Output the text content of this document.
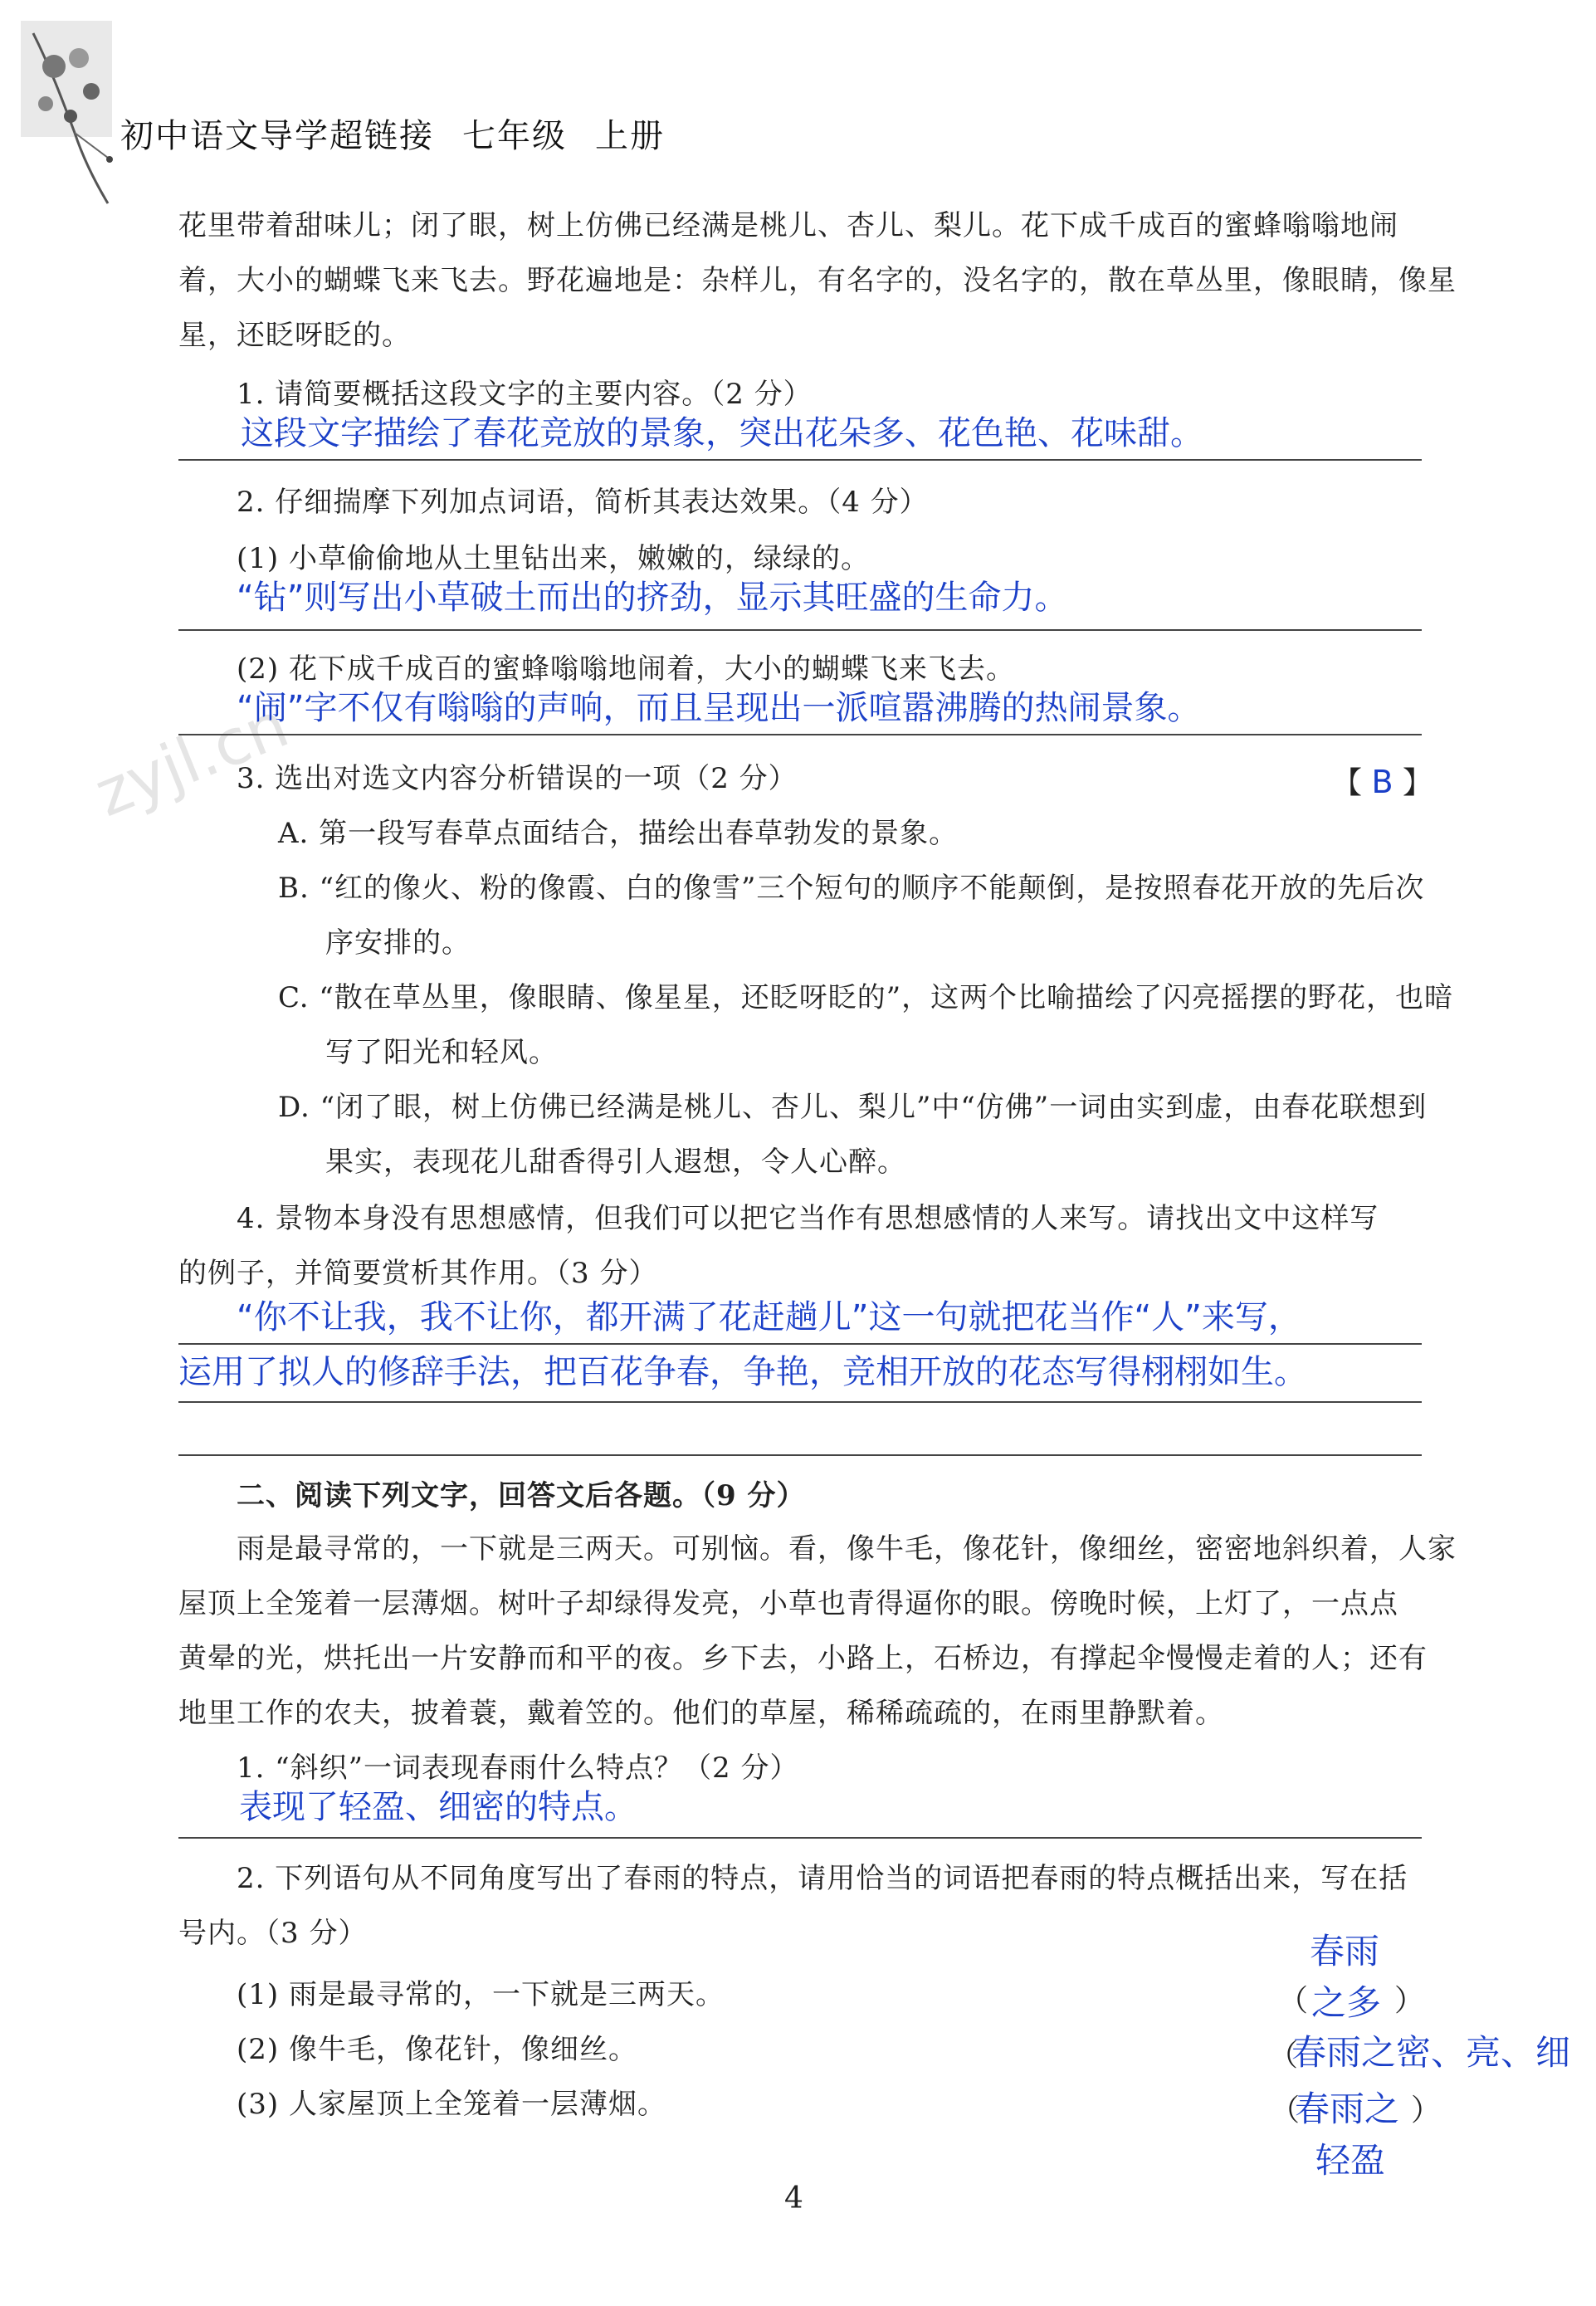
初中语文导学超链接 七年级 上册
zyjl.cn
花里带着甜味儿；闭了眼，树上仿佛已经满是桃儿、杏儿、梨儿。花下成千成百的蜜蜂嗡嗡地闹
着，大小的蝴蝶飞来飞去。野花遍地是：杂样儿，有名字的，没名字的，散在草丛里，像眼睛，像星
星，还眨呀眨的。
1. 请简要概括这段文字的主要内容。（2 分）
这段文字描绘了春花竞放的景象，突出花朵多、花色艳、花味甜。
2. 仔细揣摩下列加点词语，简析其表达效果。（4 分）
(1) 小草偷偷地从土里钻出来，嫩嫩的，绿绿的。
“钻”则写出小草破土而出的挤劲，显示其旺盛的生命力。
(2) 花下成千成百的蜜蜂嗡嗡地闹着，大小的蝴蝶飞来飞去。
“闹”字不仅有嗡嗡的声响，而且呈现出一派喧嚣沸腾的热闹景象。
3. 选出对选文内容分析错误的一项（2 分）	【 B 】
A. 第一段写春草点面结合，描绘出春草勃发的景象。
B. “红的像火、粉的像霞、白的像雪”三个短句的顺序不能颠倒，是按照春花开放的先后次
序安排的。
C. “散在草丛里，像眼睛、像星星，还眨呀眨的”，这两个比喻描绘了闪亮摇摆的野花，也暗
写了阳光和轻风。
D. “闭了眼，树上仿佛已经满是桃儿、杏儿、梨儿”中“仿佛”一词由实到虚，由春花联想到
果实，表现花儿甜香得引人遐想，令人心醉。
4. 景物本身没有思想感情，但我们可以把它当作有思想感情的人来写。请找出文中这样写
的例子，并简要赏析其作用。（3 分）
“你不让我，我不让你，都开满了花赶趟儿”这一句就把花当作“人”来写，
运用了拟人的修辞手法，把百花争春，争艳，竞相开放的花态写得栩栩如生。
二、阅读下列文字，回答文后各题。（9 分）
雨是最寻常的，一下就是三两天。可别恼。看，像牛毛，像花针，像细丝，密密地斜织着，人家
屋顶上全笼着一层薄烟。树叶子却绿得发亮，小草也青得逼你的眼。傍晚时候，上灯了，一点点
黄晕的光，烘托出一片安静而和平的夜。乡下去，小路上，石桥边，有撑起伞慢慢走着的人；还有
地里工作的农夫，披着蓑，戴着笠的。他们的草屋，稀稀疏疏的，在雨里静默着。
1. “斜织”一词表现春雨什么特点？（2 分）
表现了轻盈、细密的特点。
2. 下列语句从不同角度写出了春雨的特点，请用恰当的词语把春雨的特点概括出来，写在括
号内。（3 分）
(1) 雨是最寻常的，一下就是三两天。
(2) 像牛毛，像花针，像细丝。
(3) 人家屋顶上全笼着一层薄烟。
春雨
（ 之多 ）
（
春雨之密、亮、细
（
春雨之 ）
轻盈
4
